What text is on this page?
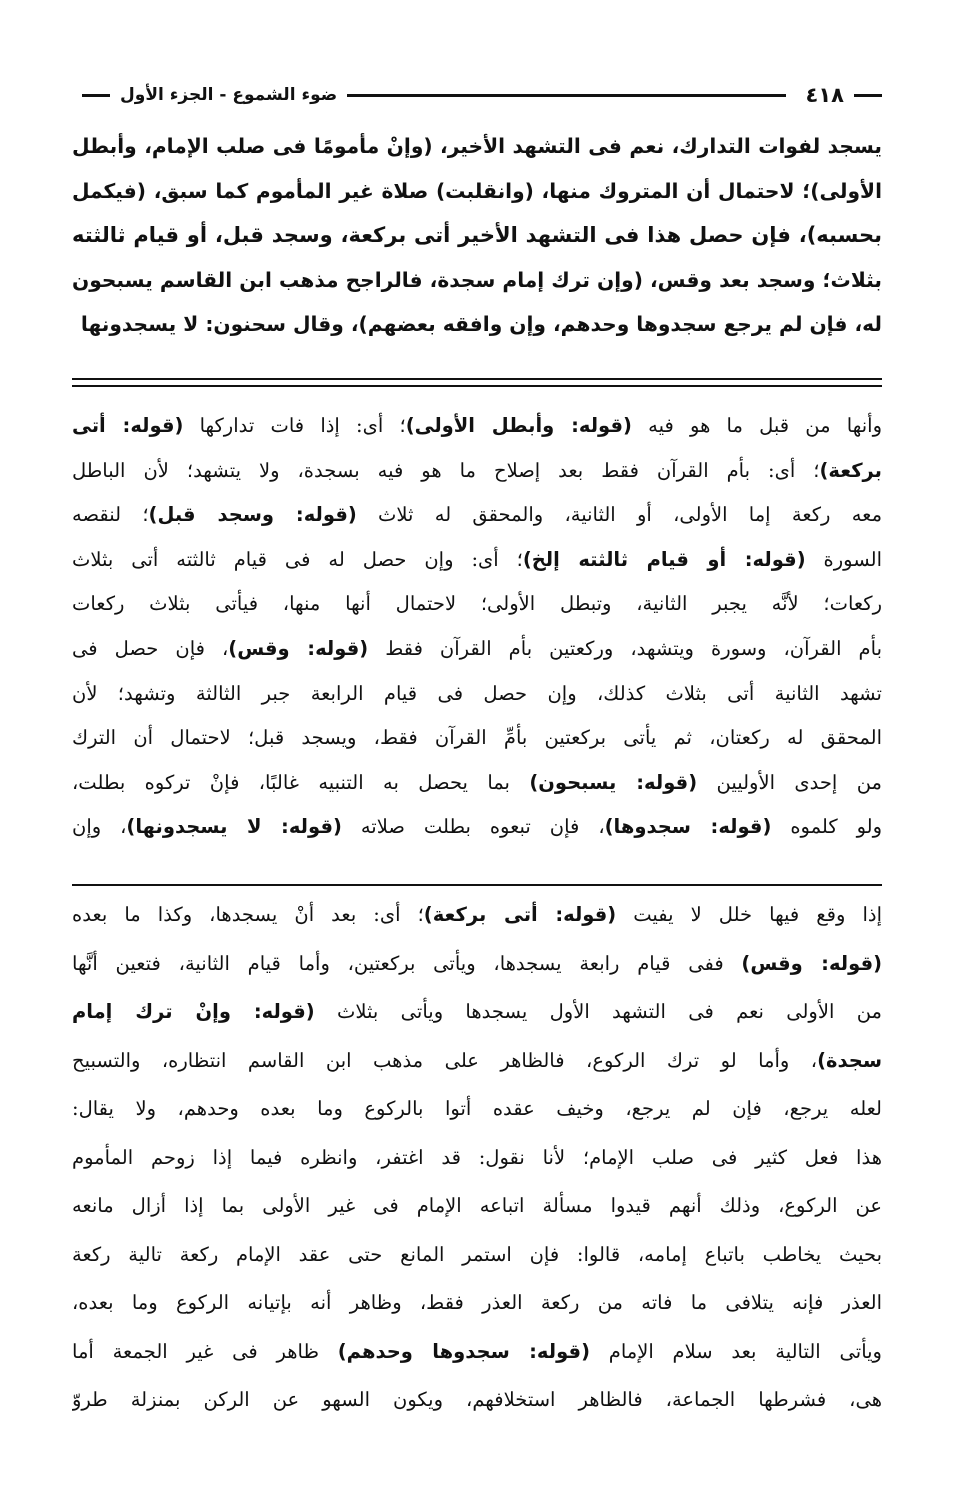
٤١٨
ضوء الشموع - الجزء الأول
يسجد لفوات التدارك، نعم فى التشهد الأخير، (وإنْ مأمومًا فى صلب الإمام، وأبطل
الأولى)؛ لاحتمال أن المتروك منها، (وانقلبت) صلاة غير المأموم كما سبق، (فيكمل
بحسبه)، فإن حصل هذا فى التشهد الأخير أتى بركعة، وسجد قبل، أو قيام ثالثته
بثلاث؛ وسجد بعد وقس، (وإن ترك إمام سجدة، فالراجح مذهب ابن القاسم يسبحون
له، فإن لم يرجع سجدوها وحدهم، وإن وافقه بعضهم)، وقال سحنون: لا يسجدونها
وأنها من قبل ما هو فيه (قوله: وأبطل الأولى)؛ أى: إذا فات تداركها (قوله: أتى
بركعة)؛ أى: بأم القرآن فقط بعد إصلاح ما هو فيه بسجدة، ولا يتشهد؛ لأن الباطل
معه ركعة إما الأولى، أو الثانية، والمحقق له ثلاث (قوله: وسجد قبل)؛ لنقصه
السورة (قوله: أو قيام ثالثته إلخ)؛ أى: وإن حصل له فى قيام ثالثته أتى بثلاث
ركعات؛ لأنَّه يجبر الثانية، وتبطل الأولى؛ لاحتمال أنها منها، فيأتى بثلاث ركعات
بأم القرآن، وسورة ويتشهد، وركعتين بأم القرآن فقط (قوله: وقس)، فإن حصل فى
تشهد الثانية أتى بثلاث كذلك، وإن حصل فى قيام الرابعة جبر الثالثة وتشهد؛ لأن
المحقق له ركعتان، ثم يأتى بركعتين بأمِّ القرآن فقط، ويسجد قبل؛ لاحتمال أن الترك
من إحدى الأوليين (قوله: يسبحون) بما يحصل به التنبيه غالبًا، فإنْ تركوه بطلت،
ولو كلموه (قوله: سجدوها)، فإن تبعوه بطلت صلاته (قوله: لا يسجدونها)، وإن
إذا وقع فيها خلل لا يفيت (قوله: أتى بركعة)؛ أى: بعد أنْ يسجدها، وكذا ما بعده
(قوله: وقس) ففى قيام رابعة يسجدها، ويأتى بركعتين، وأما قيام الثانية، فتعين أنَّها
من الأولى نعم فى التشهد الأول يسجدها ويأتى بثلاث (قوله: وإنْ ترك إمام
سجدة)، وأما لو ترك الركوع، فالظاهر على مذهب ابن القاسم انتظاره، والتسبيح
لعله يرجع، فإن لم يرجع، وخيف عقده أتوا بالركوع وما بعده وحدهم، ولا يقال:
هذا فعل كثير فى صلب الإمام؛ لأنا نقول: قد اغتفر، وانظره فيما إذا زوحم المأموم
عن الركوع، وذلك أنهم قيدوا مسألة اتباعه الإمام فى غير الأولى بما إذا أزال مانعه
بحيث يخاطب باتباع إمامه، قالوا: فإن استمر المانع حتى عقد الإمام ركعة تالية ركعة
العذر فإنه يتلافى ما فاته من ركعة العذر فقط، وظاهر أنه بإتيانه الركوع وما بعده،
ويأتى التالية بعد سلام الإمام (قوله: سجدوها وحدهم) ظاهر فى غير الجمعة أما
هى، فشرطها الجماعة، فالظاهر استخلافهم، ويكون السهو عن الركن بمنزلة طروّ
